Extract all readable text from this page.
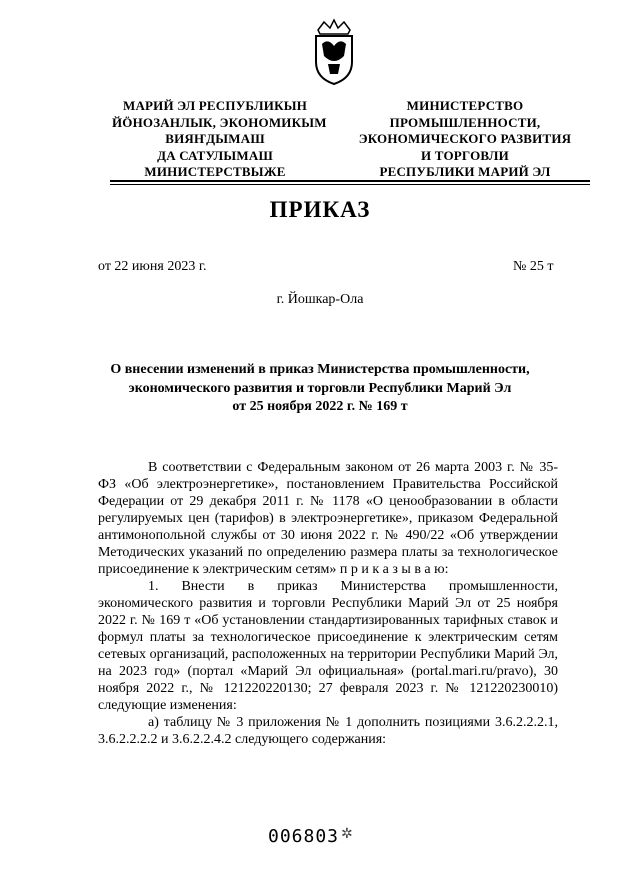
МАРИЙ ЭЛ РЕСПУБЛИКЫН
ЙӦНОЗАНЛЫК, ЭКОНОМИКЫМ
ВИЯҤДЫМАШ
ДА САТУЛЫМАШ
МИНИСТЕРСТВЫЖЕ
МИНИСТЕРСТВО
ПРОМЫШЛЕННОСТИ,
ЭКОНОМИЧЕСКОГО РАЗВИТИЯ
И ТОРГОВЛИ
РЕСПУБЛИКИ МАРИЙ ЭЛ
ПРИКАЗ
от 22 июня 2023 г.	№ 25 т
г. Йошкар-Ола
О внесении изменений в приказ Министерства промышленности,
экономического развития и торговли Республики Марий Эл
от 25 ноября 2022 г. № 169 т

В соответствии с Федеральным законом от 26 марта 2003 г. № 35-ФЗ «Об электроэнергетике», постановлением Правительства Российской Федерации от 29 декабря 2011 г. № 1178 «О ценообразовании в области регулируемых цен (тарифов) в электроэнергетике», приказом Федеральной антимонопольной службы от 30 июня 2022 г. № 490/22 «Об утверждении Методических указаний по определению размера платы за технологическое присоединение к электрическим сетям» п р и к а з ы в а ю:

1. Внести в приказ Министерства промышленности, экономического развития и торговли Республики Марий Эл от 25 ноября 2022 г. № 169 т «Об установлении стандартизированных тарифных ставок и формул платы за технологическое присоединение к электрическим сетям сетевых организаций, расположенных на территории Республики Марий Эл, на 2023 год» (портал «Марий Эл официальная» (portal.mari.ru/pravo), 30 ноября 2022 г., № 121220220130; 27 февраля 2023 г. № 121220230010) следующие изменения:

а) таблицу № 3 приложения № 1 дополнить позициями 3.6.2.2.2.1, 3.6.2.2.2.2 и 3.6.2.2.4.2 следующего содержания:

006803 ✲
